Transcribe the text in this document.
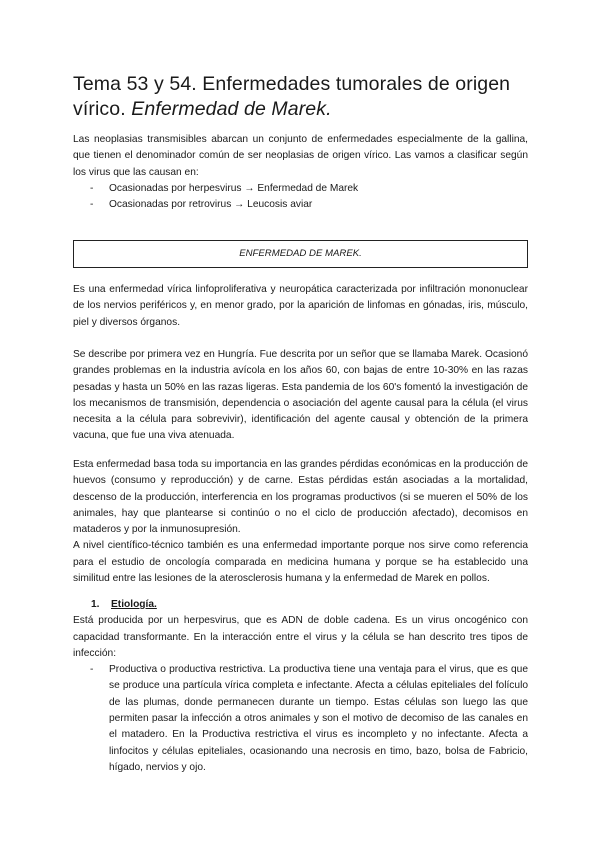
Tema 53 y 54. Enfermedades tumorales de origen vírico. Enfermedad de Marek.

Las neoplasias transmisibles abarcan un conjunto de enfermedades especialmente de la gallina, que tienen el denominador común de ser neoplasias de origen vírico. Las vamos a clasificar según los virus que las causan en:

- Ocasionadas por herpesvirus → Enfermedad de Marek
- Ocasionadas por retrovirus → Leucosis aviar
ENFERMEDAD DE MAREK.

Es una enfermedad vírica linfoproliferativa y neuropática caracterizada por infiltración mononuclear de los nervios periféricos y, en menor grado, por la aparición de linfomas en gónadas, iris, músculo, piel y diversos órganos.

Se describe por primera vez en Hungría. Fue descrita por un señor que se llamaba Marek. Ocasionó grandes problemas en la industria avícola en los años 60, con bajas de entre 10-30% en las razas pesadas y hasta un 50% en las razas ligeras. Esta pandemia de los 60's fomentó la investigación de los mecanismos de transmisión, dependencia o asociación del agente causal para la célula (el virus necesita a la célula para sobrevivir), identificación del agente causal y obtención de la primera vacuna, que fue una viva atenuada.

Esta enfermedad basa toda su importancia en las grandes pérdidas económicas en la producción de huevos (consumo y reproducción) y de carne. Estas pérdidas están asociadas a la mortalidad, descenso de la producción, interferencia en los programas productivos (si se mueren el 50% de los animales, hay que plantearse si continúo o no el ciclo de producción afectado), decomisos en mataderos y por la inmunosupresión.

A nivel científico-técnico también es una enfermedad importante porque nos sirve como referencia para el estudio de oncología comparada en medicina humana y porque se ha establecido una similitud entre las lesiones de la aterosclerosis humana y la enfermedad de Marek en pollos.

1. Etiología.

Está producida por un herpesvirus, que es ADN de doble cadena. Es un virus oncogénico con capacidad transformante. En la interacción entre el virus y la célula se han descrito tres tipos de infección:

- Productiva o productiva restrictiva. La productiva tiene una ventaja para el virus, que es que se produce una partícula vírica completa e infectante. Afecta a células epiteliales del folículo de las plumas, donde permanecen durante un tiempo. Estas células son luego las que permiten pasar la infección a otros animales y son el motivo de decomiso de las canales en el matadero. En la Productiva restrictiva el virus es incompleto y no infectante. Afecta a linfocitos y células epiteliales, ocasionando una necrosis en timo, bazo, bolsa de Fabricio, hígado, nervios y ojo.
